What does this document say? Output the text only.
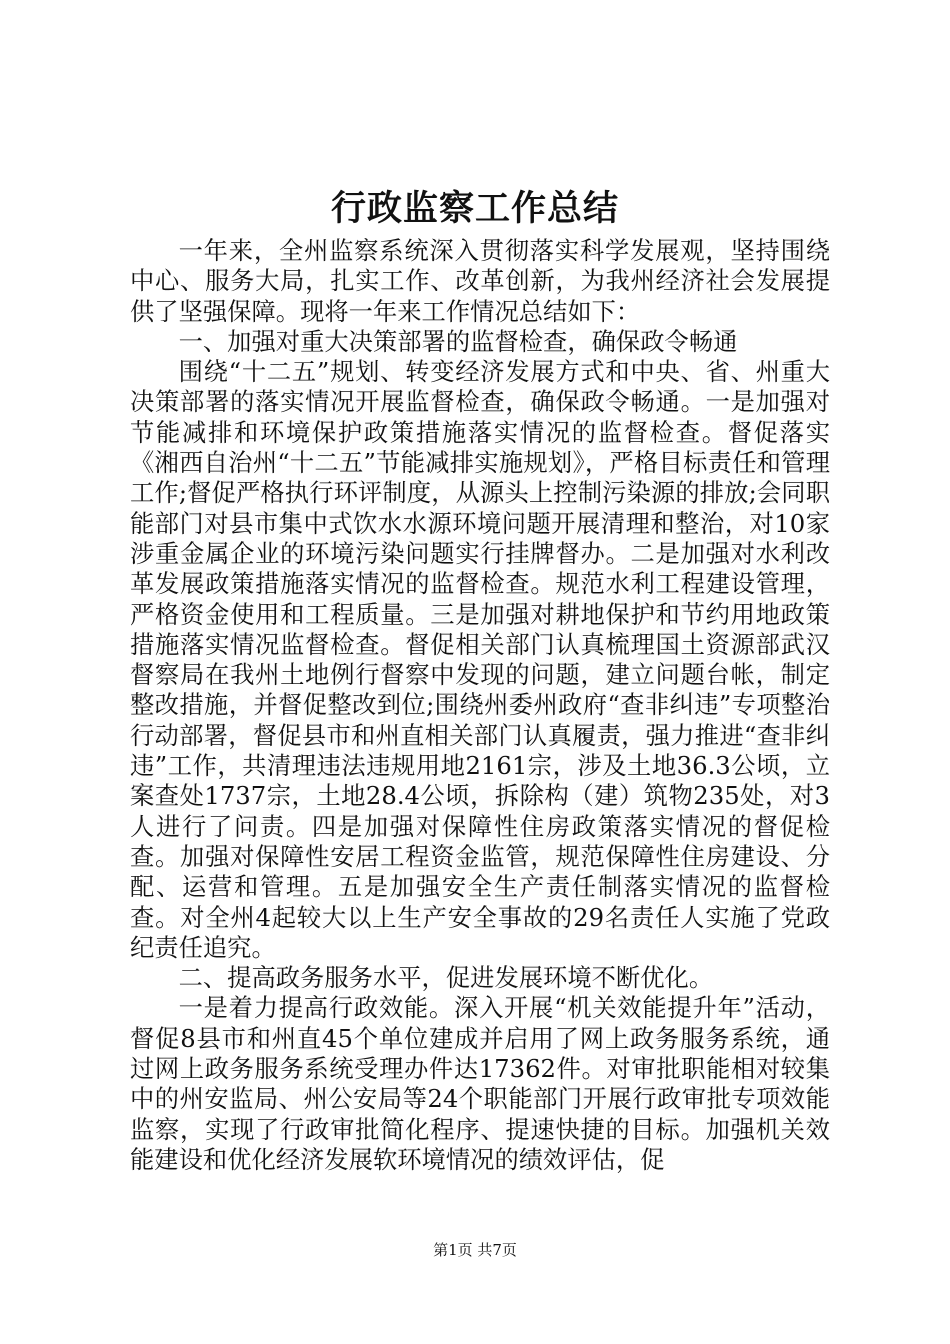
行政监察工作总结

一年来，全州监察系统深入贯彻落实科学发展观，坚持围绕中心、服务大局，扎实工作、改革创新，为我州经济社会发展提供了坚强保障。现将一年来工作情况总结如下：

一、加强对重大决策部署的监督检查，确保政令畅通

围绕“十二五”规划、转变经济发展方式和中央、省、州重大决策部署的落实情况开展监督检查，确保政令畅通。一是加强对节能减排和环境保护政策措施落实情况的监督检查。督促落实《湘西自治州“十二五”节能减排实施规划》，严格目标责任和管理工作;督促严格执行环评制度，从源头上控制污染源的排放;会同职能部门对县市集中式饮水水源环境问题开展清理和整治，对10家涉重金属企业的环境污染问题实行挂牌督办。二是加强对水利改革发展政策措施落实情况的监督检查。规范水利工程建设管理，严格资金使用和工程质量。三是加强对耕地保护和节约用地政策措施落实情况监督检查。督促相关部门认真梳理国土资源部武汉督察局在我州土地例行督察中发现的问题，建立问题台帐，制定整改措施，并督促整改到位;围绕州委州政府“查非纠违”专项整治行动部署，督促县市和州直相关部门认真履责，强力推进“查非纠违”工作，共清理违法违规用地2161宗，涉及土地36.3公顷，立案查处1737宗，土地28.4公顷，拆除构（建）筑物235处，对3人进行了问责。四是加强对保障性住房政策落实情况的督促检查。加强对保障性安居工程资金监管，规范保障性住房建设、分配、运营和管理。五是加强安全生产责任制落实情况的监督检查。对全州4起较大以上生产安全事故的29名责任人实施了党政纪责任追究。

二、提高政务服务水平，促进发展环境不断优化。

一是着力提高行政效能。深入开展“机关效能提升年”活动，督促8县市和州直45个单位建成并启用了网上政务服务系统，通过网上政务服务系统受理办件达17362件。对审批职能相对较集中的州安监局、州公安局等24个职能部门开展行政审批专项效能监察，实现了行政审批简化程序、提速快捷的目标。加强机关效能建设和优化经济发展软环境情况的绩效评估，促

第1页 共7页
